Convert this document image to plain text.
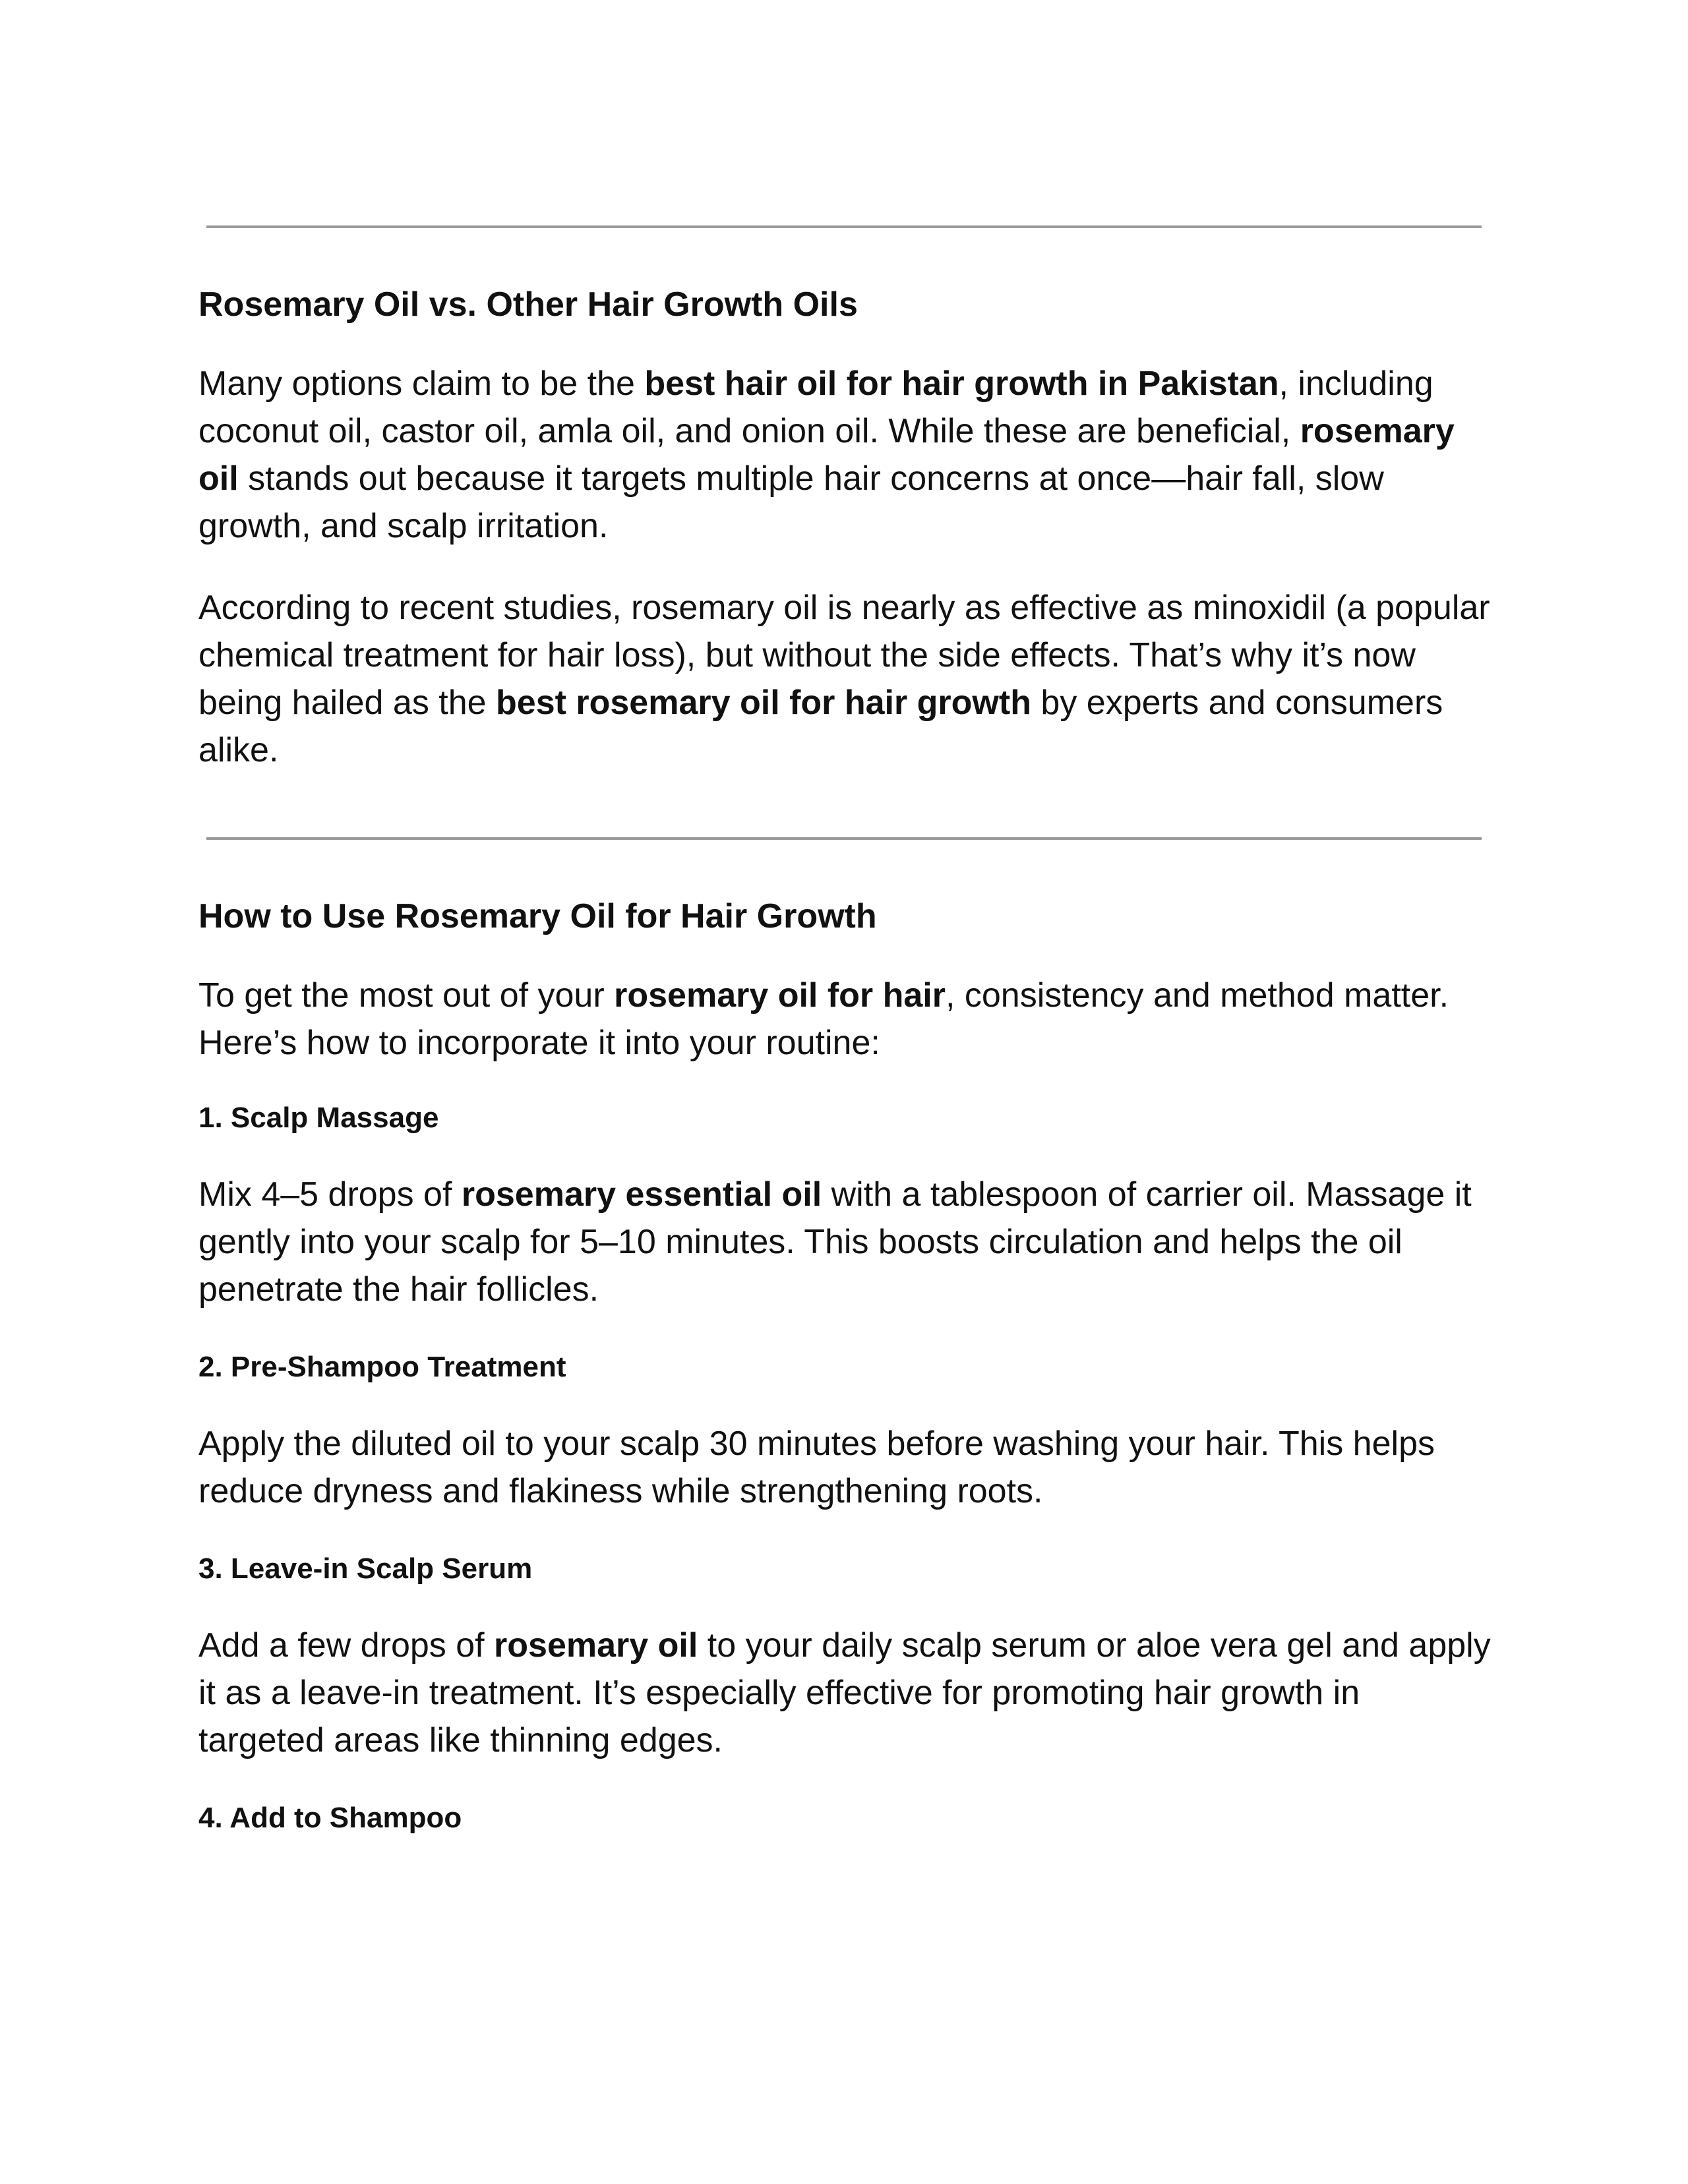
Rosemary Oil vs. Other Hair Growth Oils

Many options claim to be the best hair oil for hair growth in Pakistan, including coconut oil, castor oil, amla oil, and onion oil. While these are beneficial, rosemary oil stands out because it targets multiple hair concerns at once—hair fall, slow growth, and scalp irritation.

According to recent studies, rosemary oil is nearly as effective as minoxidil (a popular chemical treatment for hair loss), but without the side effects. That’s why it’s now being hailed as the best rosemary oil for hair growth by experts and consumers alike.

How to Use Rosemary Oil for Hair Growth

To get the most out of your rosemary oil for hair, consistency and method matter. Here’s how to incorporate it into your routine:

1. Scalp Massage

Mix 4–5 drops of rosemary essential oil with a tablespoon of carrier oil. Massage it gently into your scalp for 5–10 minutes. This boosts circulation and helps the oil penetrate the hair follicles.

2. Pre-Shampoo Treatment

Apply the diluted oil to your scalp 30 minutes before washing your hair. This helps reduce dryness and flakiness while strengthening roots.

3. Leave-in Scalp Serum

Add a few drops of rosemary oil to your daily scalp serum or aloe vera gel and apply it as a leave-in treatment. It’s especially effective for promoting hair growth in targeted areas like thinning edges.

4. Add to Shampoo
